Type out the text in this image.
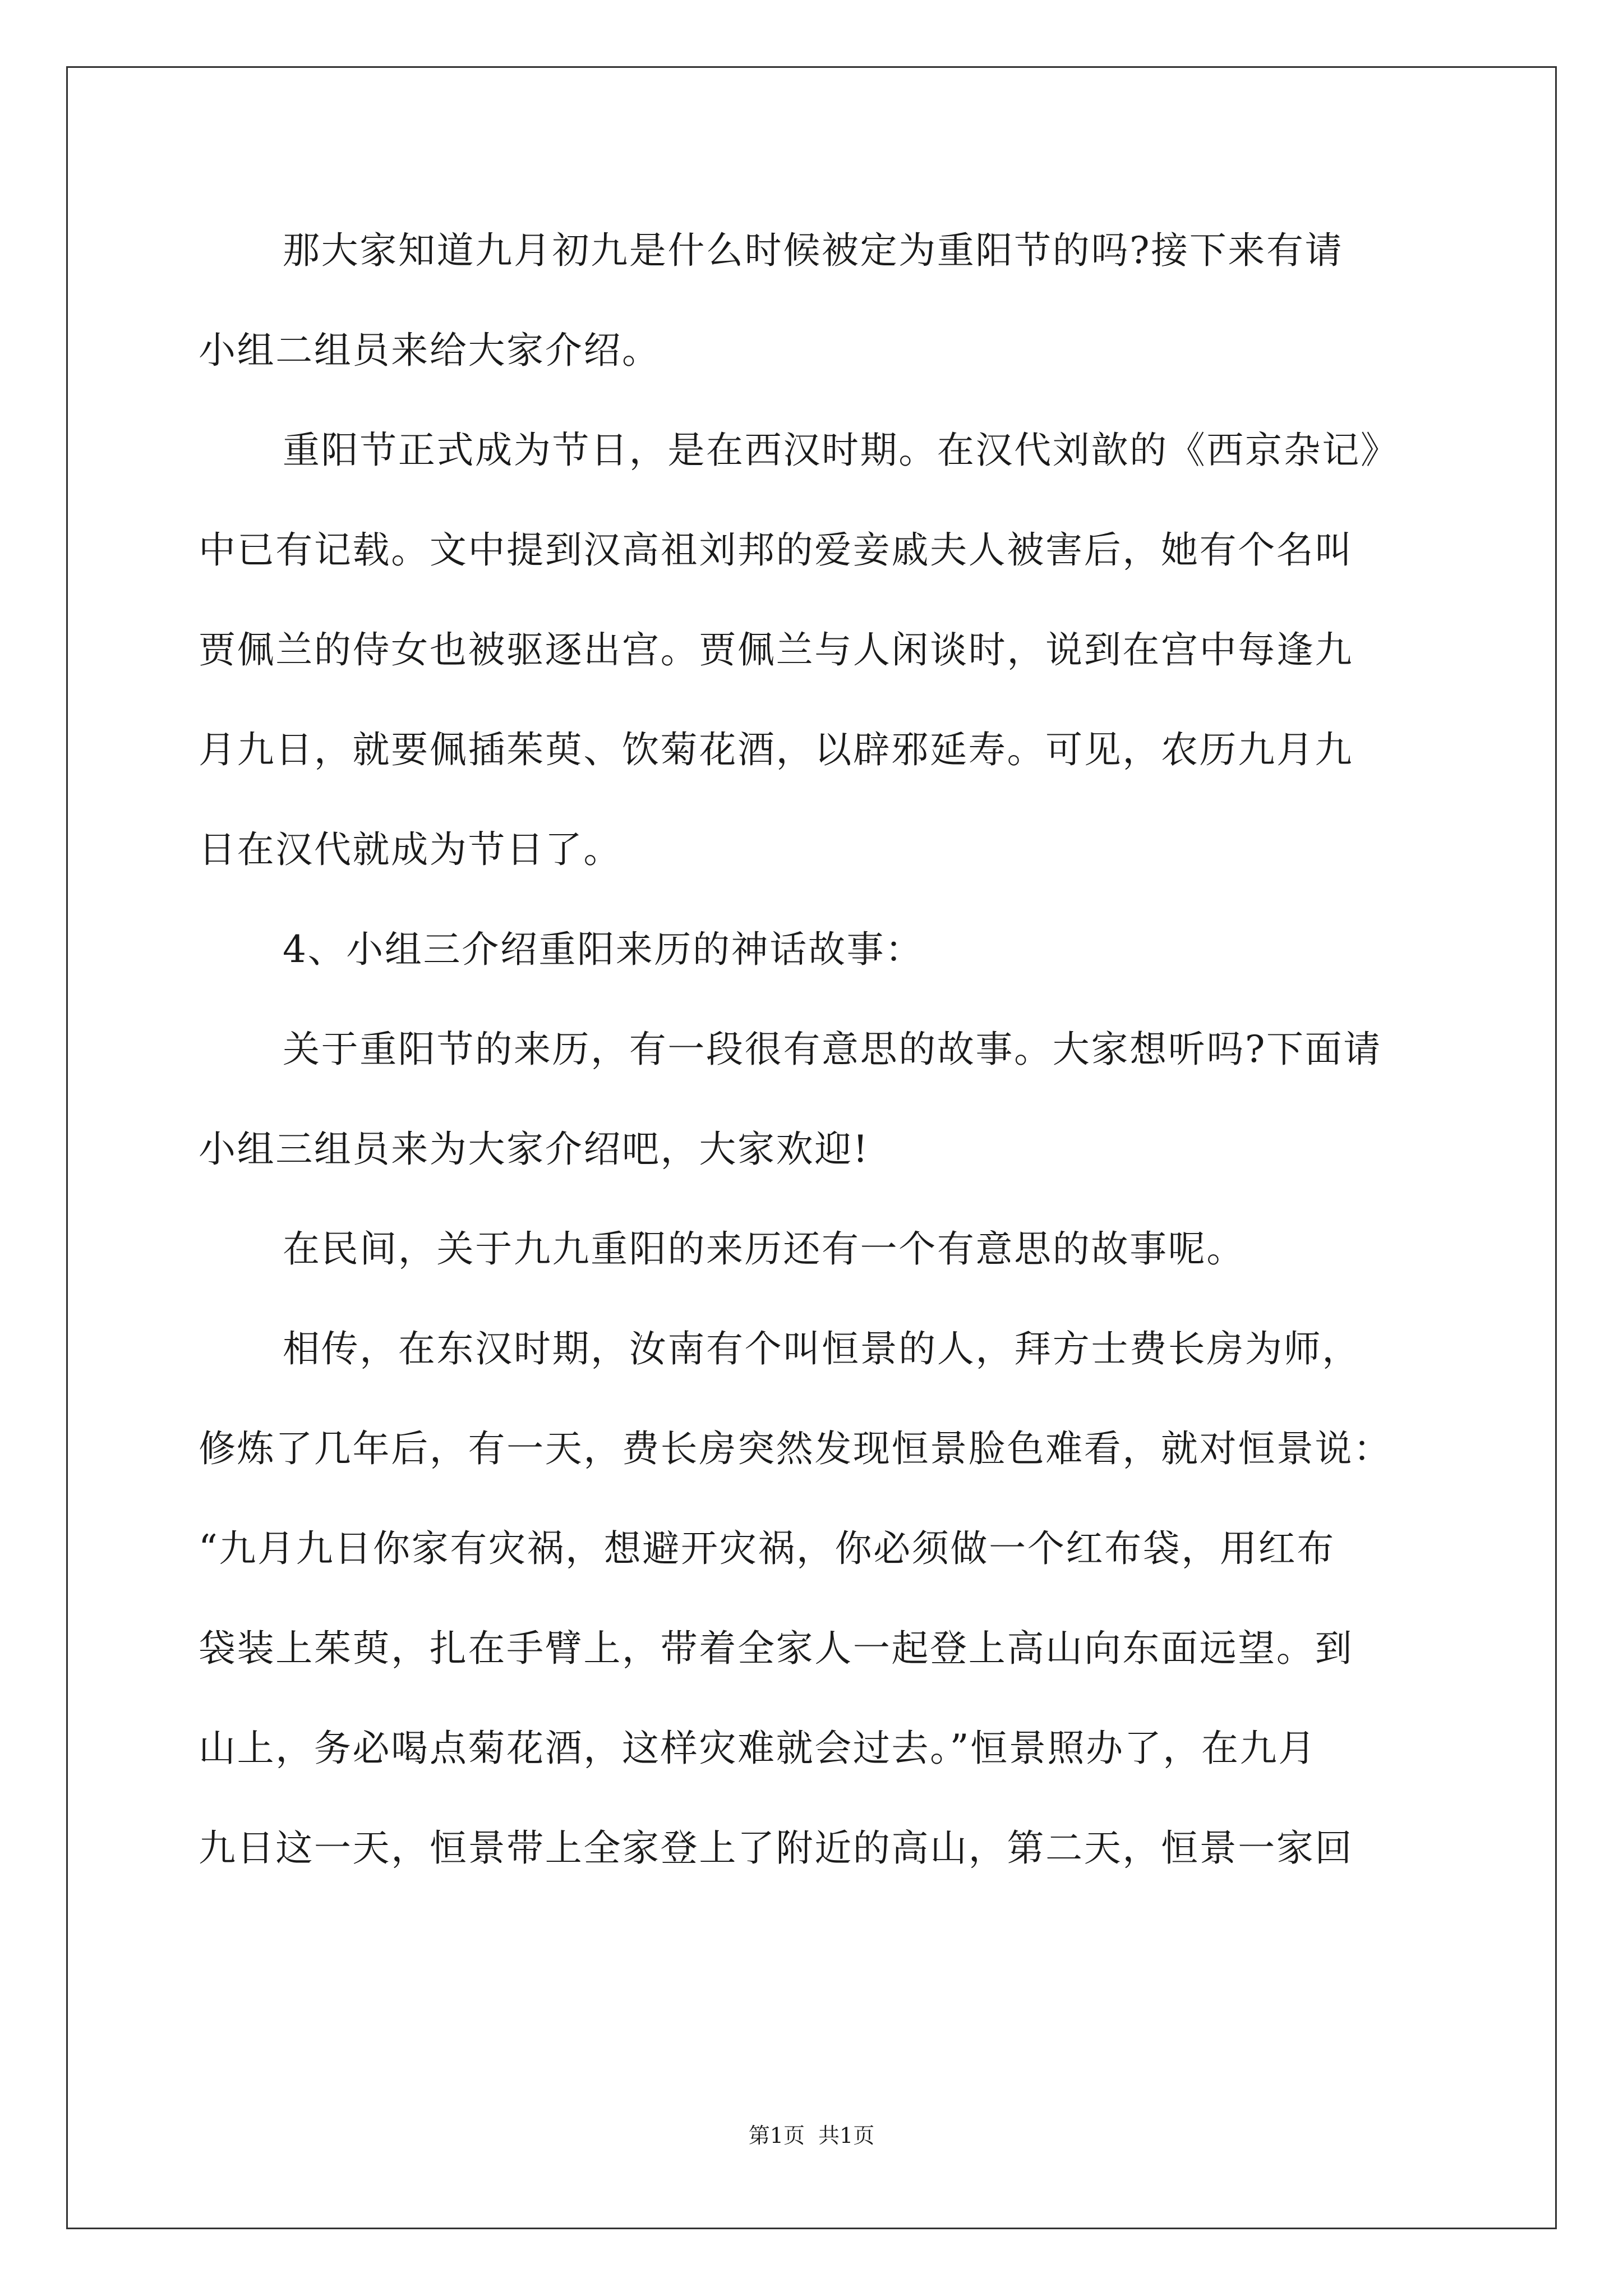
那大家知道九月初九是什么时候被定为重阳节的吗?接下来有请
小组二组员来给大家介绍。
重阳节正式成为节日，是在西汉时期。在汉代刘歆的《西京杂记》
中已有记载。文中提到汉高祖刘邦的爱妾戚夫人被害后，她有个名叫
贾佩兰的侍女也被驱逐出宫。贾佩兰与人闲谈时，说到在宫中每逢九
月九日，就要佩插茱萸、饮菊花酒，以辟邪延寿。可见，农历九月九
日在汉代就成为节日了。
4、小组三介绍重阳来历的神话故事：
关于重阳节的来历，有一段很有意思的故事。大家想听吗?下面请
小组三组员来为大家介绍吧，大家欢迎!
在民间，关于九九重阳的来历还有一个有意思的故事呢。
相传，在东汉时期，汝南有个叫恒景的人，拜方士费长房为师，
修炼了几年后，有一天，费长房突然发现恒景脸色难看，就对恒景说：
“九月九日你家有灾祸，想避开灾祸，你必须做一个红布袋，用红布
袋装上茱萸，扎在手臂上，带着全家人一起登上高山向东面远望。到
山上，务必喝点菊花酒，这样灾难就会过去。”恒景照办了，在九月
九日这一天，恒景带上全家登上了附近的高山，第二天，恒景一家回
第1页 共1页
